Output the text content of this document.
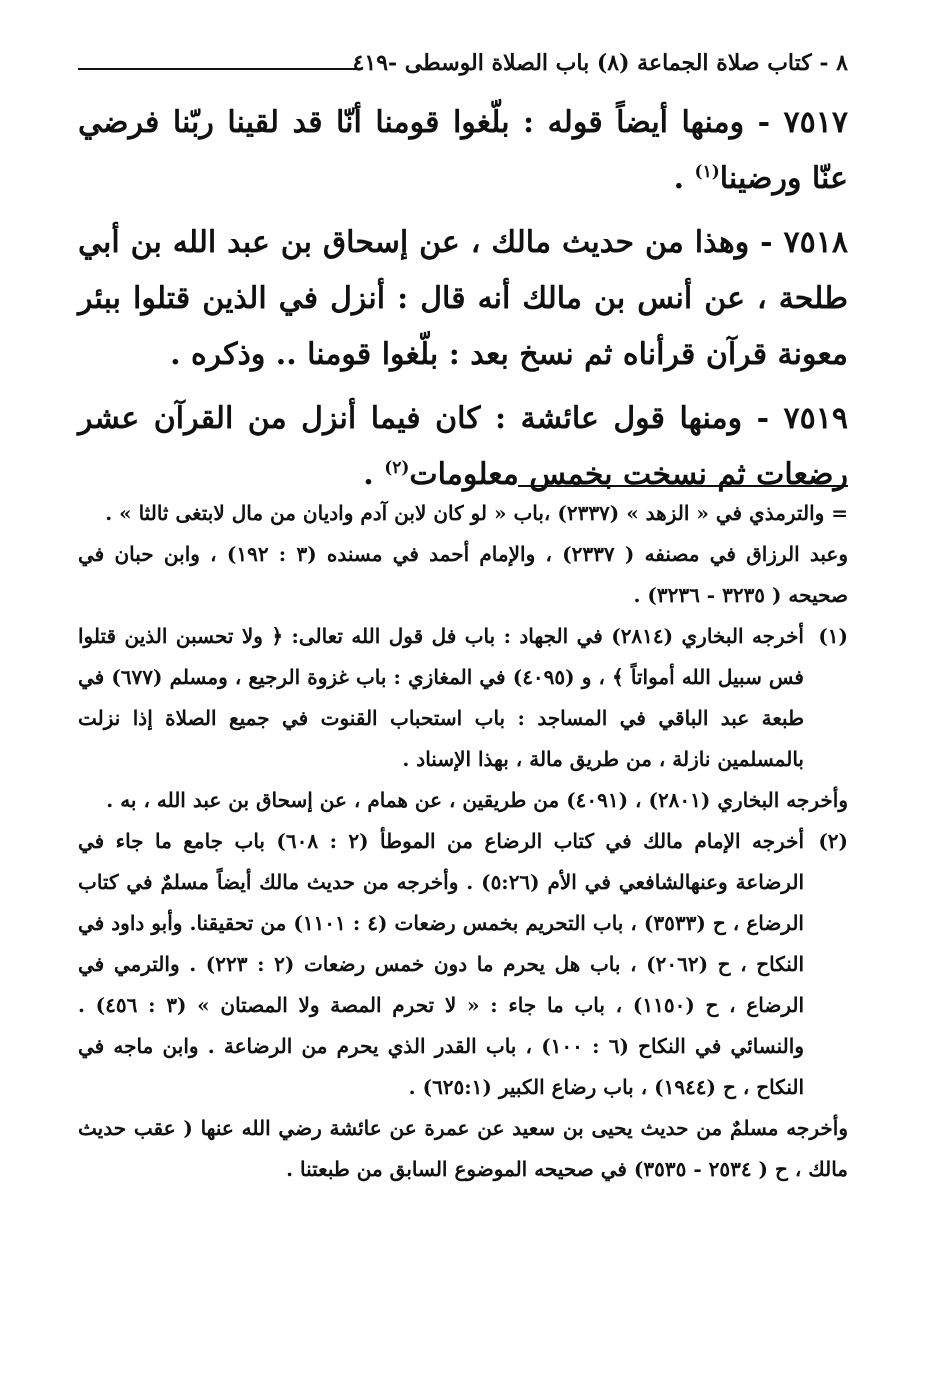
٨ - كتاب صلاة الجماعة (٨) باب الصلاة الوسطى -٤١٩

٧٥١٧ - ومنها أيضاً قوله : بلّغوا قومنا أنّا قد لقينا ربّنا فرضي عنّا ورضينا$^{(١)}$ .

٧٥١٨ - وهذا من حديث مالك ، عن إسحاق بن عبد الله بن أبي طلحة ، عن أنس بن مالك أنه قال : أنزل في الذين قتلوا ببئر معونة قرآن قرأناه ثم نسخ بعد : بلّغوا قومنا .. وذكره .

٧٥١٩ - ومنها قول عائشة : كان فيما أنزل من القرآن عشر رضعات ثم نسخت بخمس معلومات$^{(٢)}$ .

= والترمذي في « الزهد » (٢٣٣٧) ،باب « لو كان لابن آدم واديان من مال لابتغى ثالثا » .

وعبد الرزاق في مصنفه ( ٢٣٣٧) ، والإمام أحمد في مسنده (٣ : ١٩٢) ، وابن حبان في صحيحه ( ٣٢٣٥ - ٣٢٣٦) .

(١)أخرجه البخاري (٢٨١٤) في الجهاد : باب فل قول الله تعالى: ﴿ ولا تحسبن الذين قتلوا فس سبيل الله أمواتاً ﴾ ، و (٤٠٩٥) في المغازي : باب غزوة الرجيع ، ومسلم (٦٧٧) في طبعة عبد الباقي في المساجد : باب استحباب القنوت في جميع الصلاة إذا نزلت بالمسلمين نازلة ، من طريق مالة ، بهذا الإسناد .

وأخرجه البخاري (٢٨٠١) ، (٤٠٩١) من طريقين ، عن همام ، عن إسحاق بن عبد الله ، به .

(٢)أخرجه الإمام مالك في كتاب الرضاع من الموطأ (٢ : ٦٠٨) باب جامع ما جاء في الرضاعة وعنهالشافعي في الأم (٥:٢٦) . وأخرجه من حديث مالك أيضاً مسلمٌ في كتاب الرضاع ، ح (٣٥٣٣) ، باب التحريم بخمس رضعات (٤ : ١١٠١) من تحقيقنا. وأبو داود في النكاح ، ح (٢٠٦٢) ، باب هل يحرم ما دون خمس رضعات (٢ : ٢٢٣) . والترمي في الرضاع ، ح (١١٥٠) ، باب ما جاء : « لا تحرم المصة ولا المصتان » (٣ : ٤٥٦) . والنسائي في النكاح (٦ : ١٠٠) ، باب القدر الذي يحرم من الرضاعة . وابن ماجه في النكاح ، ح (١٩٤٤) ، باب رضاع الكبير (٦٢٥:١) .

وأخرجه مسلمٌ من حديث يحيى بن سعيد عن عمرة عن عائشة رضي الله عنها ( عقب حديث مالك ، ح ( ٢٥٣٤ - ٣٥٣٥) في صحيحه الموضوع السابق من طبعتنا .
